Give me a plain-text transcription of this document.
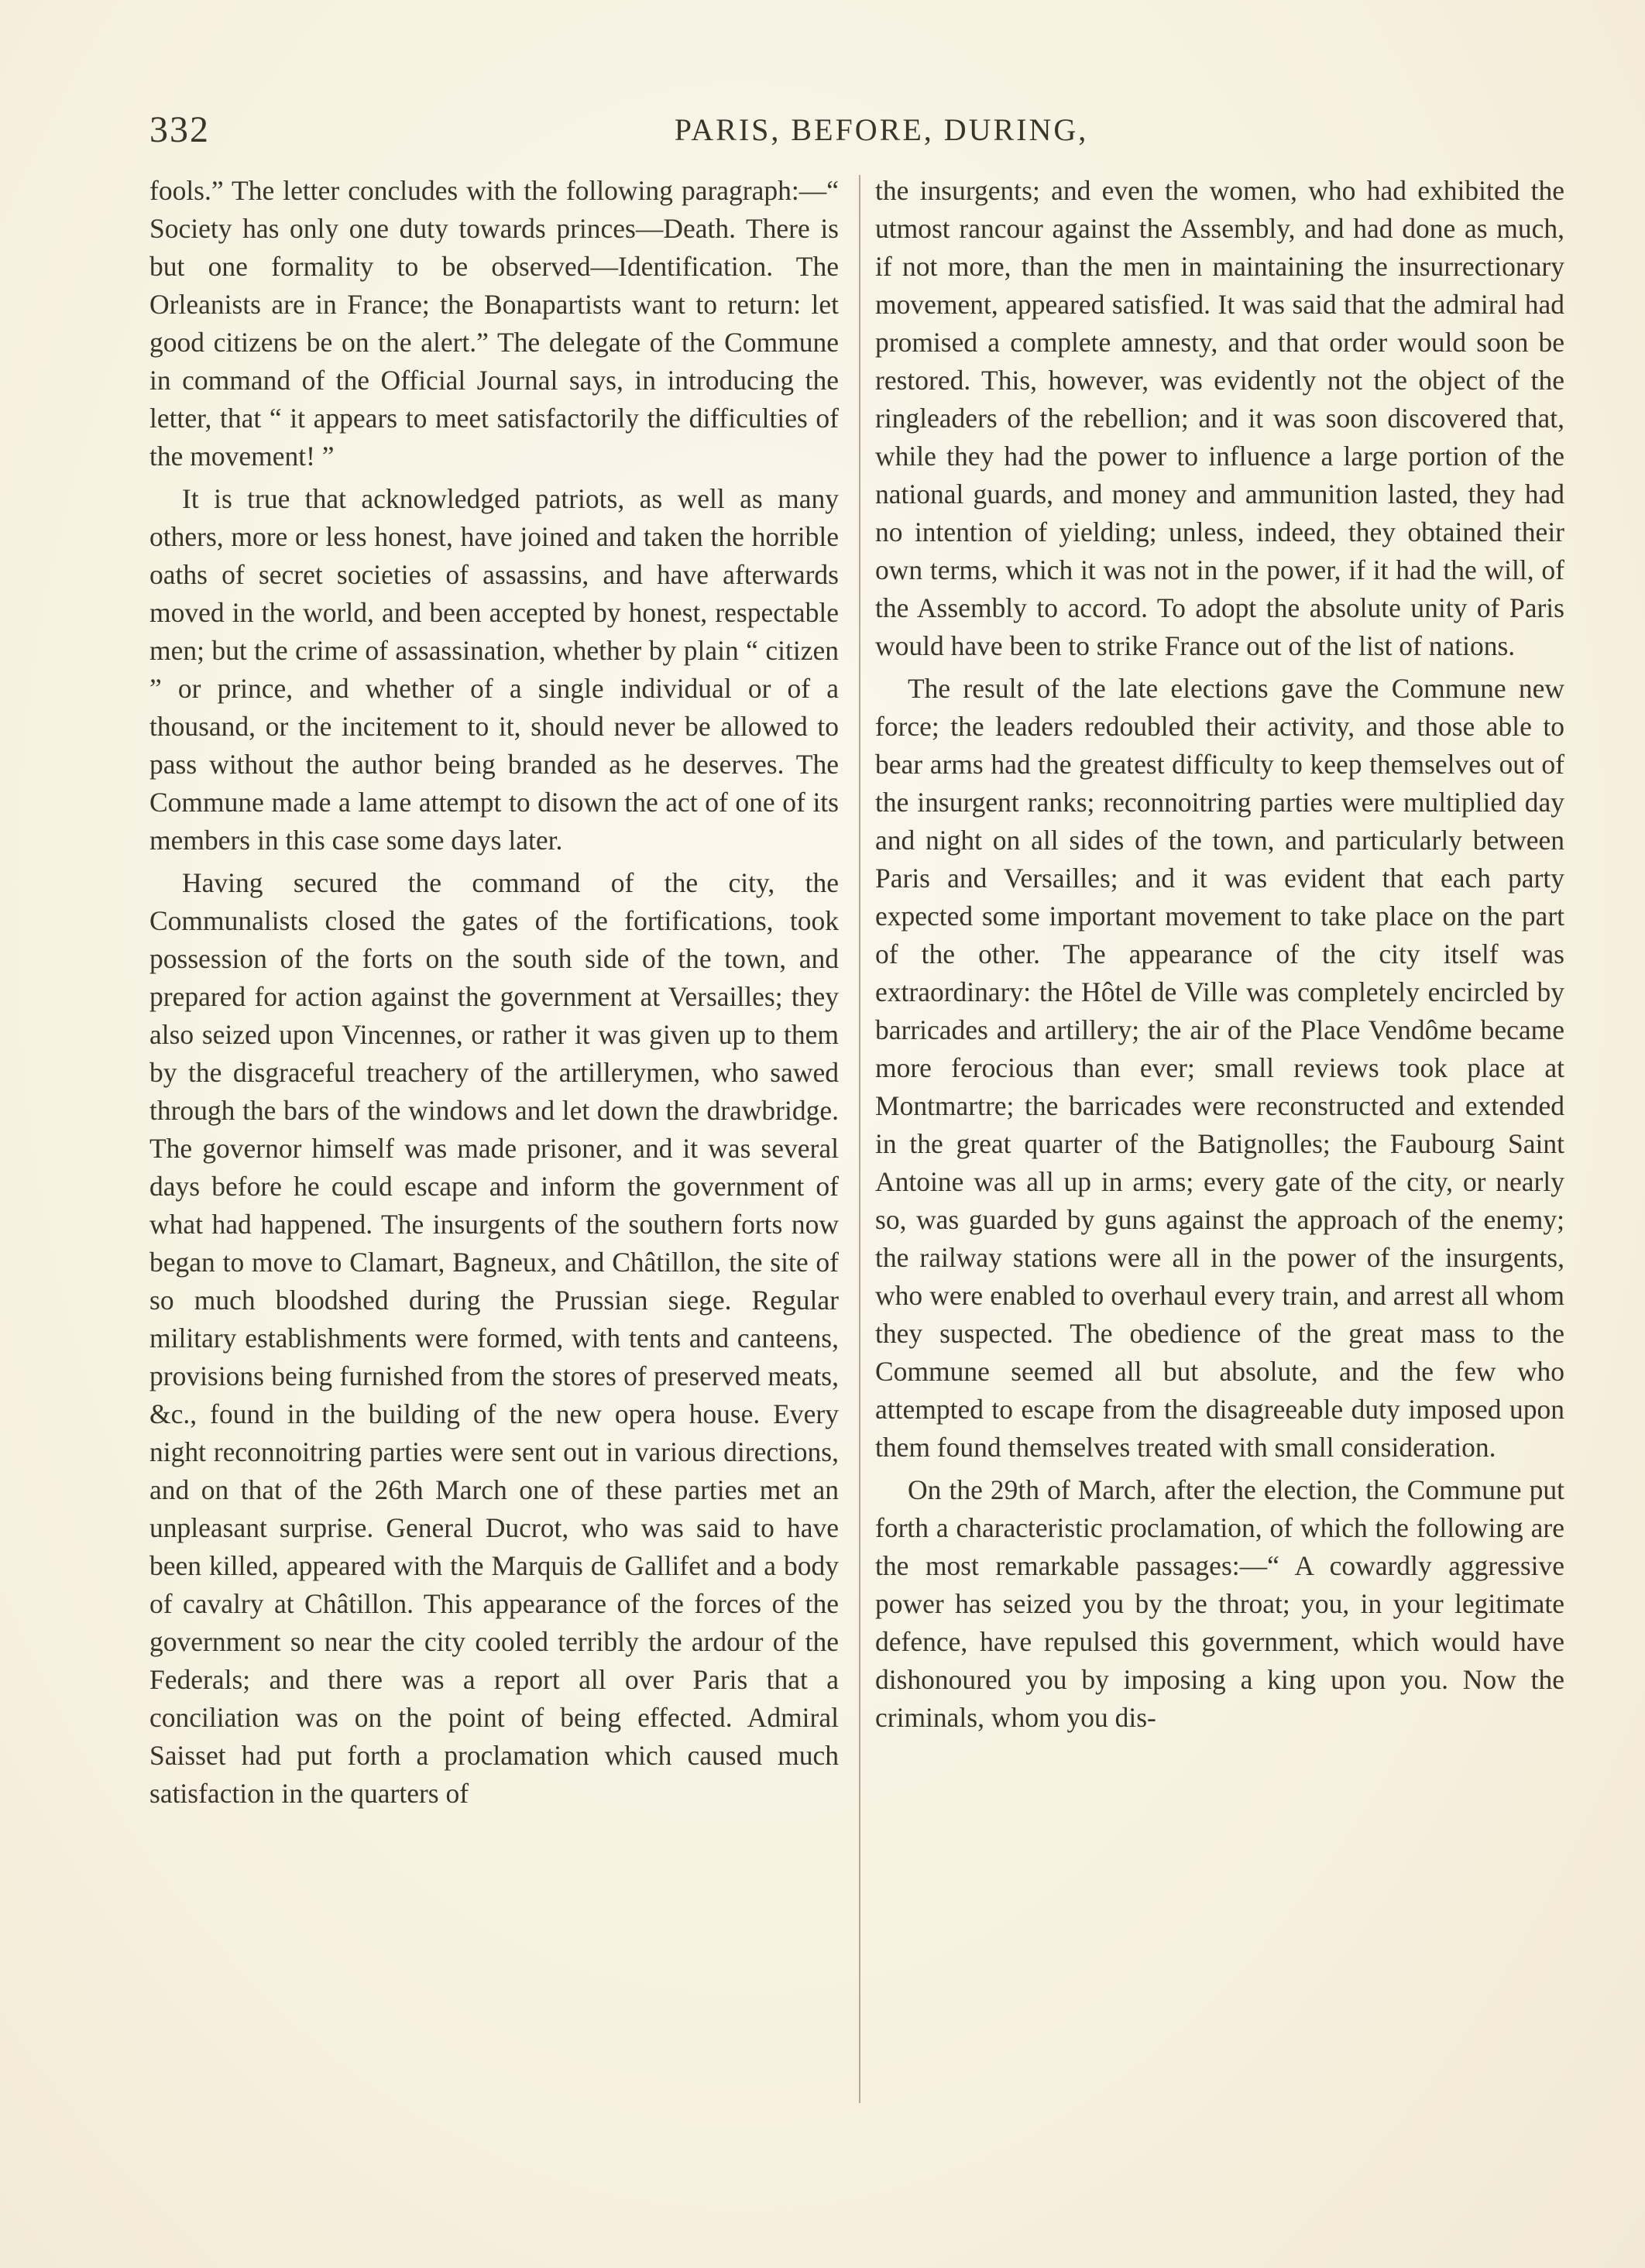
332	PARIS, BEFORE, DURING,

fools.” The letter concludes with the following paragraph:—“ Society has only one duty towards princes—Death. There is but one formality to be observed—Identification. The Orleanists are in France; the Bonapartists want to return: let good citizens be on the alert.” The delegate of the Commune in command of the Official Journal says, in introducing the letter, that “ it appears to meet satisfactorily the difficulties of the movement! ”

It is true that acknowledged patriots, as well as many others, more or less honest, have joined and taken the horrible oaths of secret societies of assassins, and have afterwards moved in the world, and been accepted by honest, respectable men; but the crime of assassination, whether by plain “ citizen ” or prince, and whether of a single individual or of a thousand, or the incitement to it, should never be allowed to pass without the author being branded as he deserves. The Commune made a lame attempt to disown the act of one of its members in this case some days later.

Having secured the command of the city, the Communalists closed the gates of the fortifications, took possession of the forts on the south side of the town, and prepared for action against the government at Versailles; they also seized upon Vincennes, or rather it was given up to them by the disgraceful treachery of the artillerymen, who sawed through the bars of the windows and let down the drawbridge. The governor himself was made prisoner, and it was several days before he could escape and inform the government of what had happened. The insurgents of the southern forts now began to move to Clamart, Bagneux, and Châtillon, the site of so much bloodshed during the Prussian siege. Regular military establishments were formed, with tents and canteens, provisions being furnished from the stores of preserved meats, &c., found in the building of the new opera house. Every night reconnoitring parties were sent out in various directions, and on that of the 26th March one of these parties met an unpleasant surprise. General Ducrot, who was said to have been killed, appeared with the Marquis de Gallifet and a body of cavalry at Châtillon. This appearance of the forces of the government so near the city cooled terribly the ardour of the Federals; and there was a report all over Paris that a conciliation was on the point of being effected. Admiral Saisset had put forth a proclamation which caused much satisfaction in the quarters of

the insurgents; and even the women, who had exhibited the utmost rancour against the Assembly, and had done as much, if not more, than the men in maintaining the insurrectionary movement, appeared satisfied. It was said that the admiral had promised a complete amnesty, and that order would soon be restored. This, however, was evidently not the object of the ringleaders of the rebellion; and it was soon discovered that, while they had the power to influence a large portion of the national guards, and money and ammunition lasted, they had no intention of yielding; unless, indeed, they obtained their own terms, which it was not in the power, if it had the will, of the Assembly to accord. To adopt the absolute unity of Paris would have been to strike France out of the list of nations.

The result of the late elections gave the Commune new force; the leaders redoubled their activity, and those able to bear arms had the greatest difficulty to keep themselves out of the insurgent ranks; reconnoitring parties were multiplied day and night on all sides of the town, and particularly between Paris and Versailles; and it was evident that each party expected some important movement to take place on the part of the other. The appearance of the city itself was extraordinary: the Hôtel de Ville was completely encircled by barricades and artillery; the air of the Place Vendôme became more ferocious than ever; small reviews took place at Montmartre; the barricades were reconstructed and extended in the great quarter of the Batignolles; the Faubourg Saint Antoine was all up in arms; every gate of the city, or nearly so, was guarded by guns against the approach of the enemy; the railway stations were all in the power of the insurgents, who were enabled to overhaul every train, and arrest all whom they suspected. The obedience of the great mass to the Commune seemed all but absolute, and the few who attempted to escape from the disagreeable duty imposed upon them found themselves treated with small consideration.

On the 29th of March, after the election, the Commune put forth a characteristic proclamation, of which the following are the most remarkable passages:—“ A cowardly aggressive power has seized you by the throat; you, in your legitimate defence, have repulsed this government, which would have dishonoured you by imposing a king upon you. Now the criminals, whom you dis-
